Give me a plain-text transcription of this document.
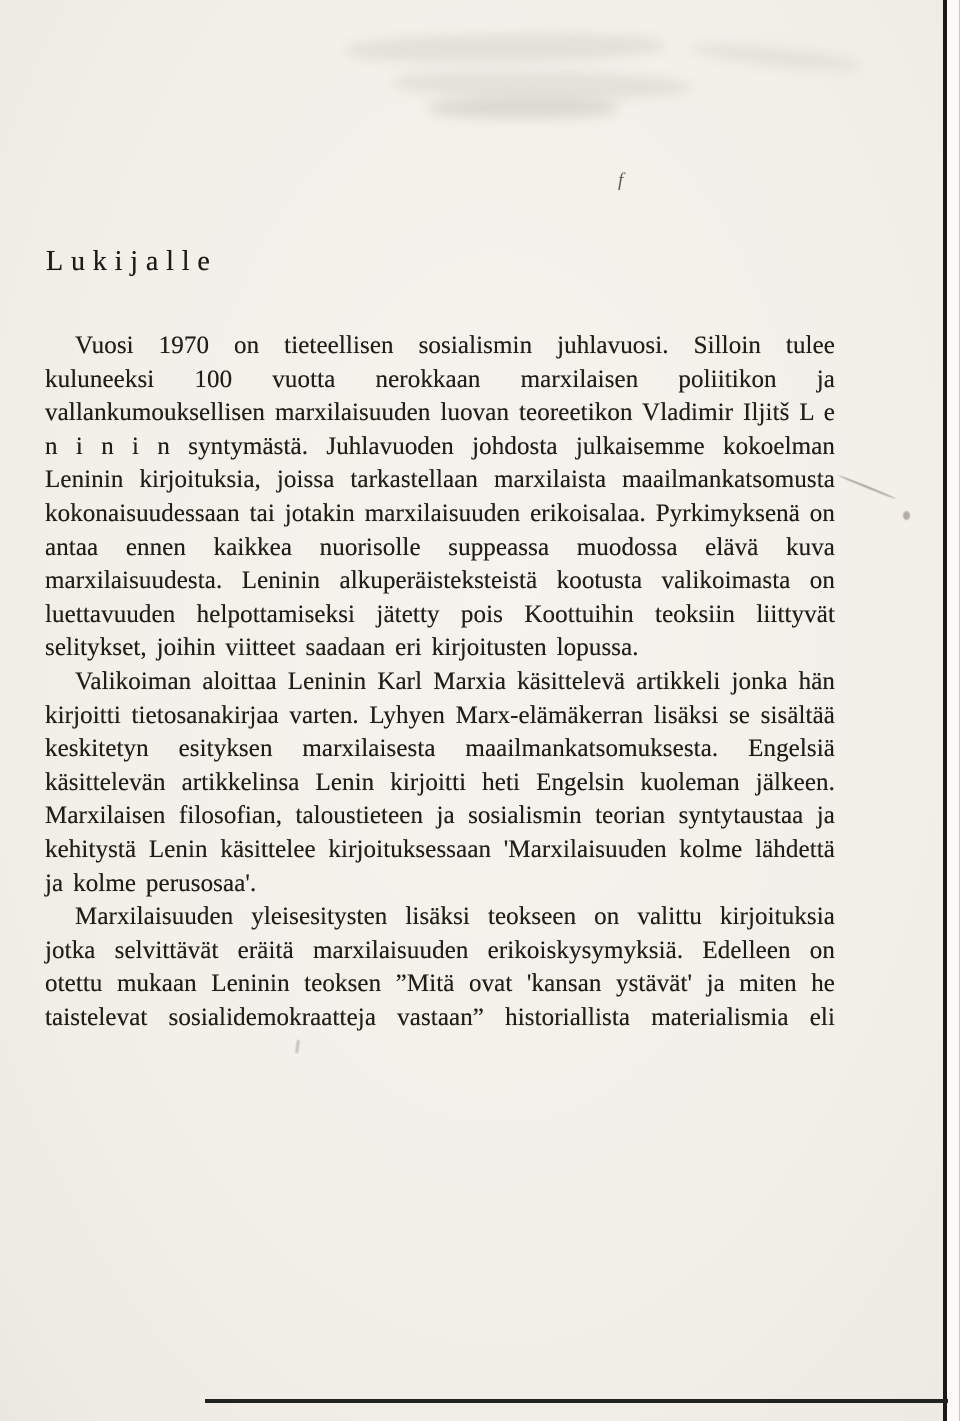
f
Lukijalle

Vuosi 1970 on tieteellisen sosialismin juhlavuosi. Silloin tulee kuluneeksi 100 vuotta nerokkaan marxilaisen poliitikon ja vallankumouksellisen marxilaisuuden luovan teoreetikon Vladimir Iljitš L e n i n i n syntymästä. Juhlavuoden johdosta julkaisemme kokoelman Leninin kirjoituksia, joissa tarkastellaan marxilaista maailmankatsomusta kokonaisuudessaan tai jotakin marxilaisuuden erikoisalaa. Pyrkimyksenä on antaa ennen kaikkea nuorisolle suppeassa muodossa elävä kuva marxilaisuudesta. Leninin alkuperäisteksteistä kootusta valikoimasta on luettavuuden helpottamiseksi jätetty pois Koottuihin teoksiin liittyvät selitykset, joihin viitteet saadaan eri kirjoitusten lopussa.

Valikoiman aloittaa Leninin Karl Marxia käsittelevä artikkeli jonka hän kirjoitti tietosanakirjaa varten. Lyhyen Marx-elämäkerran lisäksi se sisältää keskitetyn esityksen marxilaisesta maailmankatsomuksesta. Engelsiä käsittelevän artikkelinsa Lenin kirjoitti heti Engelsin kuoleman jälkeen. Marxilaisen filosofian, taloustieteen ja sosialismin teorian syntytaustaa ja kehitystä Lenin käsittelee kirjoituksessaan 'Marxilaisuuden kolme lähdettä ja kolme perusosaa'.

Marxilaisuuden yleisesitysten lisäksi teokseen on valittu kirjoituksia jotka selvittävät eräitä marxilaisuuden erikoiskysymyksiä. Edelleen on otettu mukaan Leninin teoksen ”Mitä ovat 'kansan ystävät' ja miten he taistelevat sosialidemokraatteja vastaan” historiallista materialismia eli
